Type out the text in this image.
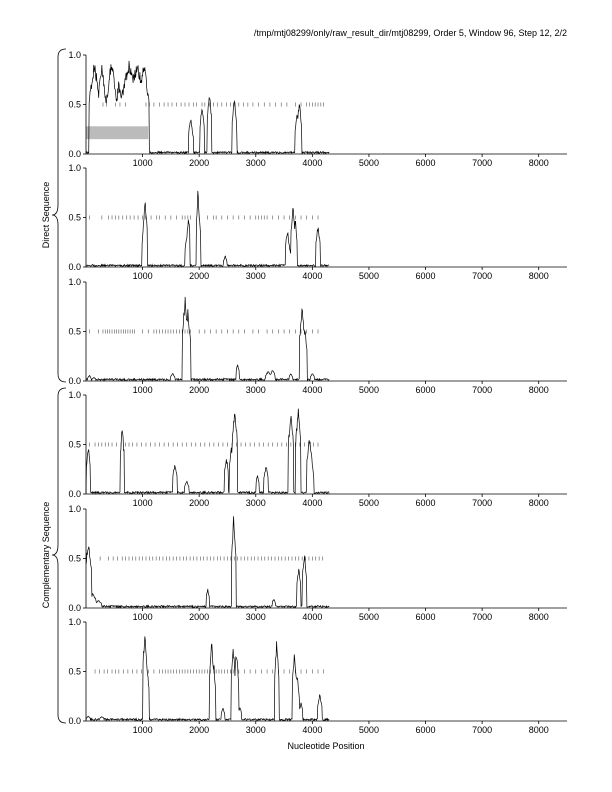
/tmp/mtj08299/only/raw_result_dir/mtj08299, Order 5, Window 96, Step 12, 2/2
Direct Sequence
Complementary Sequence
0.0
0.5
1.0
1000	2000	3000	4000	5000	6000	7000	8000
0.0
0.5
1.0
1000	2000	3000	4000	5000	6000	7000	8000
0.0
0.5
1.0
1000	2000	3000	4000	5000	6000	7000	8000
0.0
0.5
1.0
1000	2000	3000	4000	5000	6000	7000	8000
0.0
0.5
1.0
1000	2000	3000	4000	5000	6000	7000	8000
0.0
0.5
1.0
1000	2000	3000	4000	5000	6000	7000	8000
Nucleotide Position
